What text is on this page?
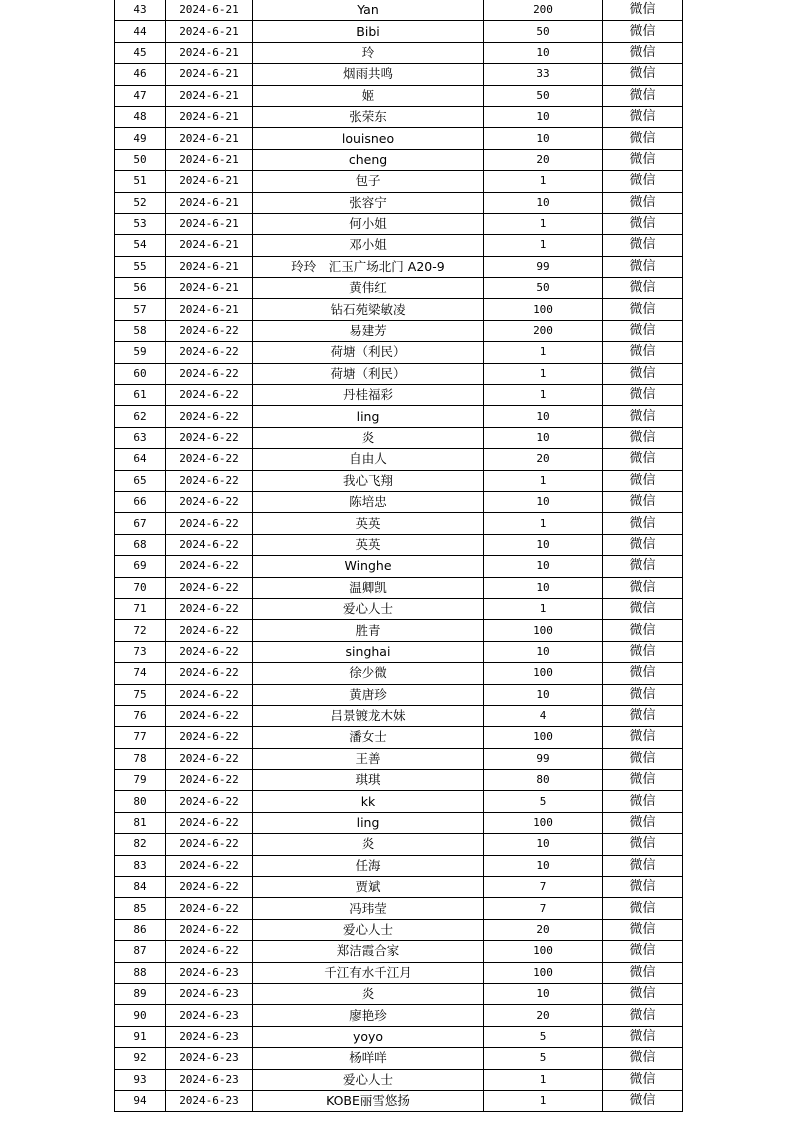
43	2024-6-21	Yan	200	微信
44	2024-6-21	Bibi	50	微信
45	2024-6-21	玲	10	微信
46	2024-6-21	烟雨共鸣	33	微信
47	2024-6-21	姬	50	微信
48	2024-6-21	张荣东	10	微信
49	2024-6-21	louisneo	10	微信
50	2024-6-21	cheng	20	微信
51	2024-6-21	包子	1	微信
52	2024-6-21	张容宁	10	微信
53	2024-6-21	何小姐	1	微信
54	2024-6-21	邓小姐	1	微信
55	2024-6-21	玲玲　汇玉广场北门 A20-9	99	微信
56	2024-6-21	黄伟红	50	微信
57	2024-6-21	钻石苑梁敏凌	100	微信
58	2024-6-22	易建芳	200	微信
59	2024-6-22	荷塘（利民）	1	微信
60	2024-6-22	荷塘（利民）	1	微信
61	2024-6-22	丹桂福彩	1	微信
62	2024-6-22	ling	10	微信
63	2024-6-22	炎	10	微信
64	2024-6-22	自由人	20	微信
65	2024-6-22	我心飞翔	1	微信
66	2024-6-22	陈培忠	10	微信
67	2024-6-22	英英	1	微信
68	2024-6-22	英英	10	微信
69	2024-6-22	Winghe	10	微信
70	2024-6-22	温卿凯	10	微信
71	2024-6-22	爱心人士	1	微信
72	2024-6-22	胜青	100	微信
73	2024-6-22	singhai	10	微信
74	2024-6-22	徐少微	100	微信
75	2024-6-22	黄唐珍	10	微信
76	2024-6-22	吕景镀龙木妹	4	微信
77	2024-6-22	潘女士	100	微信
78	2024-6-22	王善	99	微信
79	2024-6-22	琪琪	80	微信
80	2024-6-22	kk	5	微信
81	2024-6-22	ling	100	微信
82	2024-6-22	炎	10	微信
83	2024-6-22	任海	10	微信
84	2024-6-22	贾斌	7	微信
85	2024-6-22	冯玮莹	7	微信
86	2024-6-22	爱心人士	20	微信
87	2024-6-22	郑洁霞合家	100	微信
88	2024-6-23	千江有水千江月	100	微信
89	2024-6-23	炎	10	微信
90	2024-6-23	廖艳珍	20	微信
91	2024-6-23	yoyo	5	微信
92	2024-6-23	杨咩咩	5	微信
93	2024-6-23	爱心人士	1	微信
94	2024-6-23	KOBE丽雪悠扬	1	微信
